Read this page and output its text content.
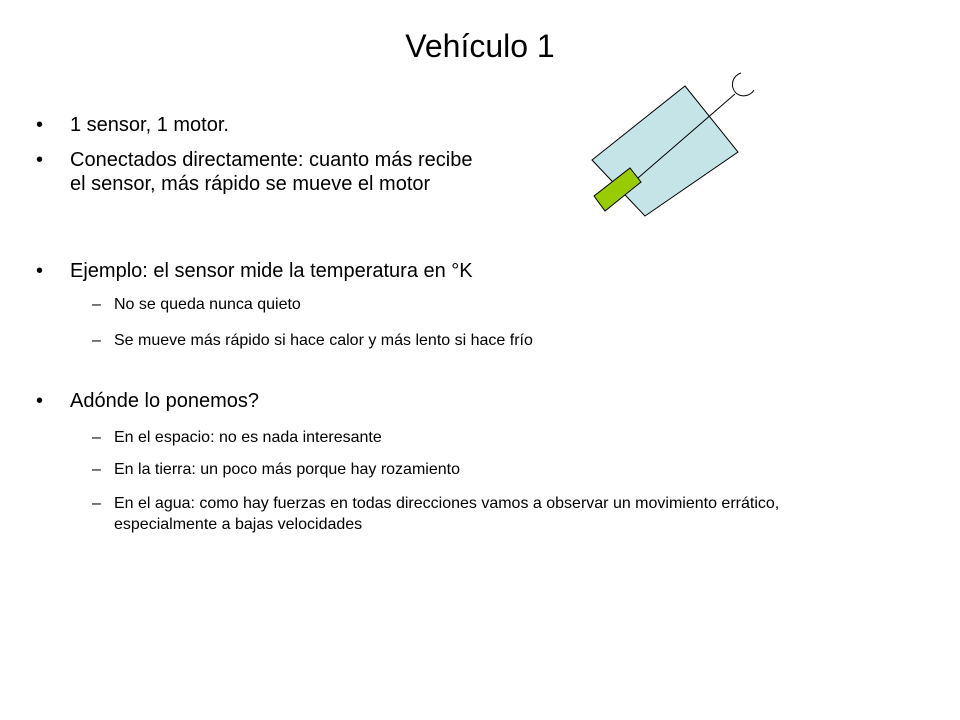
Vehículo 1
• 1 sensor, 1 motor.
• Conectados directamente: cuanto más recibe el sensor, más rápido se mueve el motor
• Ejemplo: el sensor mide la temperatura en °K
– No se queda nunca quieto
– Se mueve más rápido si hace calor y más lento si hace frío
• Adónde lo ponemos?
– En el espacio: no es nada interesante
– En la tierra: un poco más porque hay rozamiento
– En el agua: como hay fuerzas en todas direcciones vamos a observar un movimiento errático, especialmente a bajas velocidades
